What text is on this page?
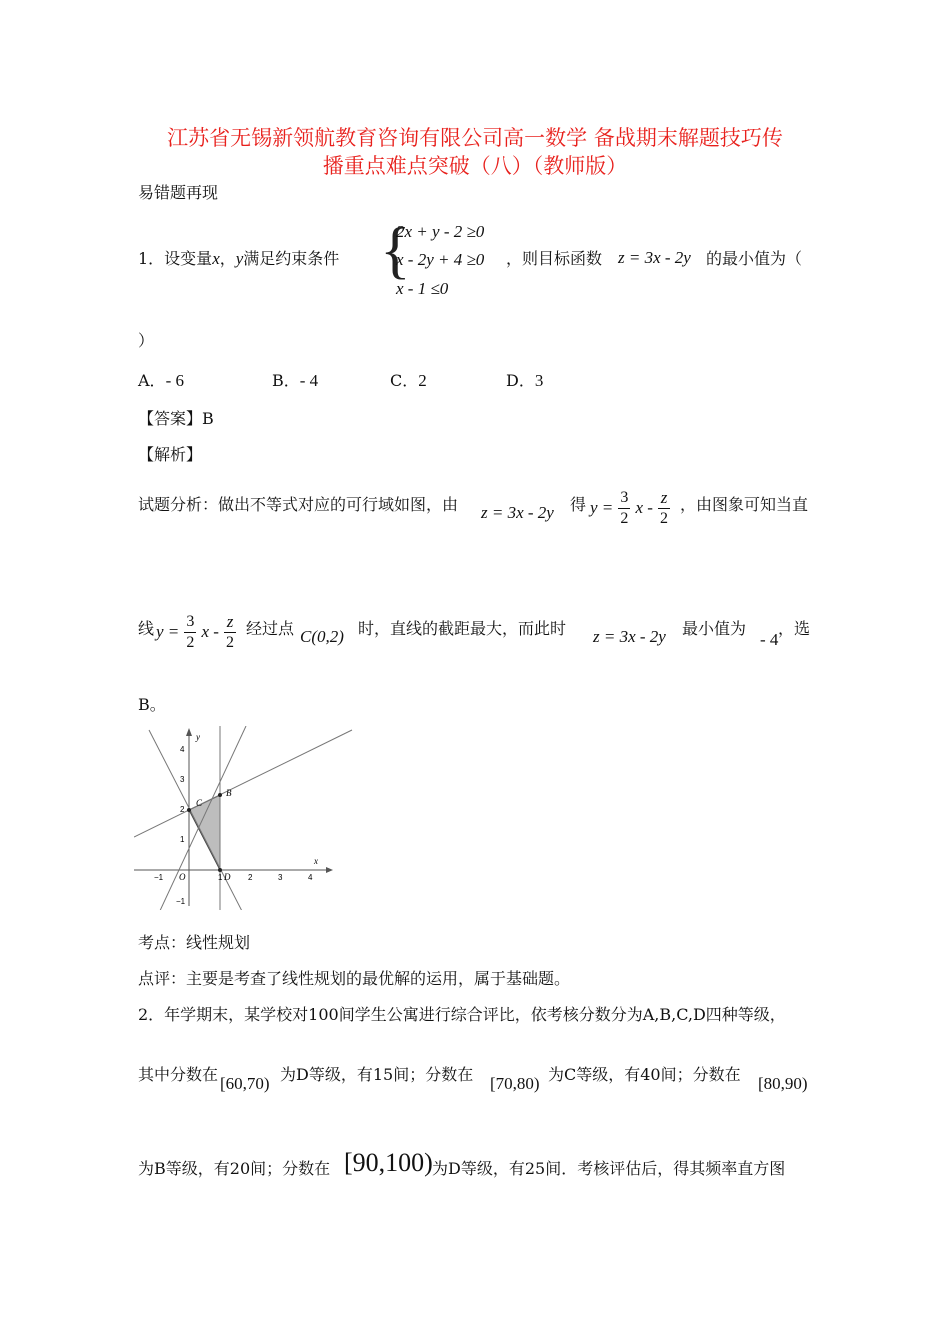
江苏省无锡新领航教育咨询有限公司高一数学 备战期末解题技巧传
播重点难点突破（八）（教师版）
易错题再现
1．设变量x，y满足约束条件 {
2x + y - 2 ≥0
x - 2y + 4 ≥0
x - 1 ≤0
，则目标函数 z = 3x - 2y 的最小值为（
）
A．- 6	B．- 4	C．2	D．3
【答案】B
【解析】
试题分析：做出不等式对应的可行域如图，由 z = 3x - 2y 得 $y = \frac{3}{2}$ x - $\frac{z}{2}$ ，由图象可知当直
线 $y = \frac{3}{2}$ x - $\frac{z}{2}$ 经过点 C(0,2) 时，直线的截距最大，而此时 z = 3x - 2y 最小值为
- 4
，选
B。
y
x
O
C
B
D
−1	1	2	3	4
4
3
2
1
−1
考点：线性规划
点评：主要是考查了线性规划的最优解的运用，属于基础题。
2．年学期末，某学校对100间学生公寓进行综合评比，依考核分数分为A,B,C,D四种等级，
其中分数在 [60,70) 为D等级，有15间；分数在 [70,80) 为C等级，有40间；分数在 [80,90)
为B等级，有20间；分数在 [90,100) 为D等级，有25间．考核评估后，得其频率直方图
